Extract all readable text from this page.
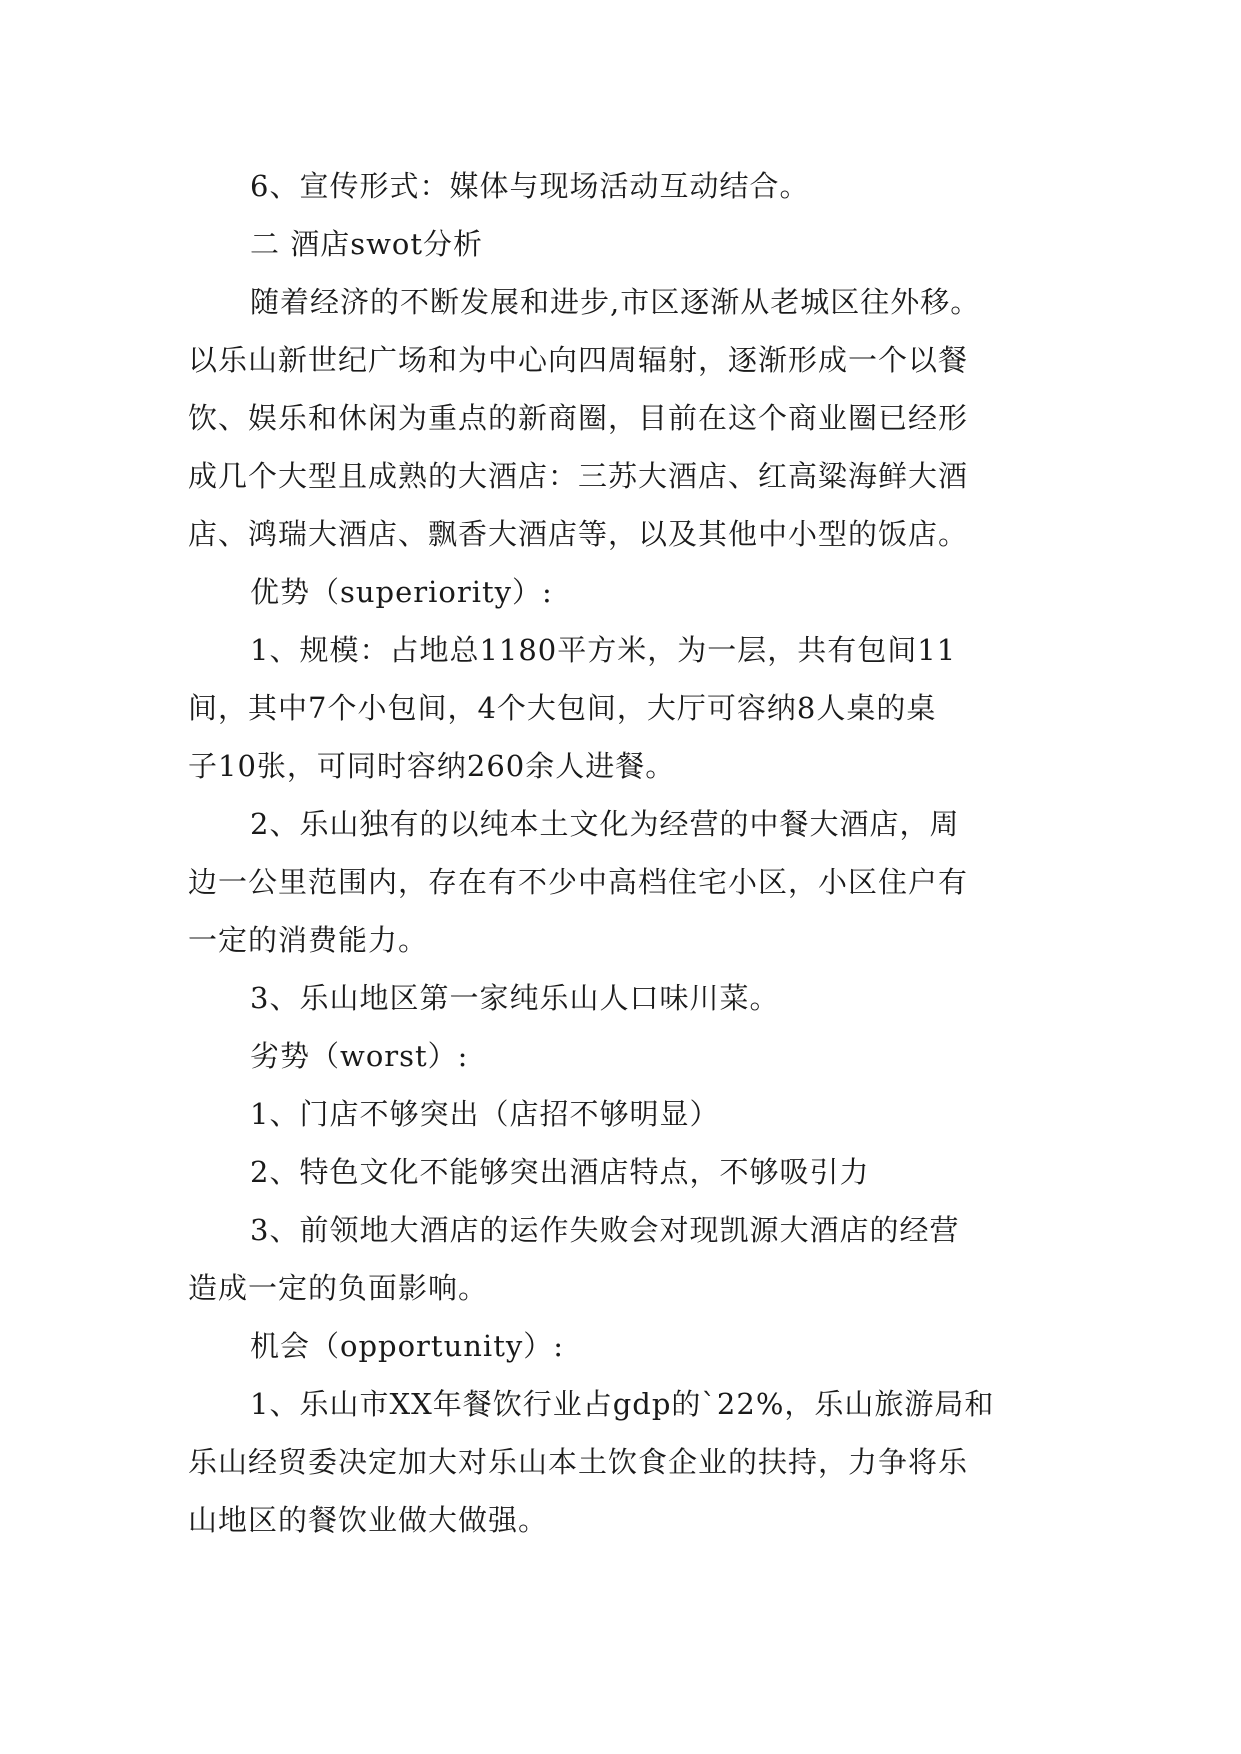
6、宣传形式：媒体与现场活动互动结合。
二 酒店swot分析
随着经济的不断发展和进步,市区逐渐从老城区往外移。
以乐山新世纪广场和为中心向四周辐射，逐渐形成一个以餐
饮、娱乐和休闲为重点的新商圈，目前在这个商业圈已经形
成几个大型且成熟的大酒店：三苏大酒店、红高粱海鲜大酒
店、鸿瑞大酒店、飘香大酒店等，以及其他中小型的饭店。
优势（superiority）:
1、规模：占地总1180平方米，为一层，共有包间11
间，其中7个小包间，4个大包间，大厅可容纳8人桌的桌
子10张，可同时容纳260余人进餐。
2、乐山独有的以纯本土文化为经营的中餐大酒店，周
边一公里范围内，存在有不少中高档住宅小区，小区住户有
一定的消费能力。
3、乐山地区第一家纯乐山人口味川菜。
劣势（worst）:
1、门店不够突出（店招不够明显）
2、特色文化不能够突出酒店特点，不够吸引力
3、前领地大酒店的运作失败会对现凯源大酒店的经营
造成一定的负面影响。
机会（opportunity）:
1、乐山市XX年餐饮行业占gdp的`22%，乐山旅游局和
乐山经贸委决定加大对乐山本土饮食企业的扶持，力争将乐
山地区的餐饮业做大做强。
